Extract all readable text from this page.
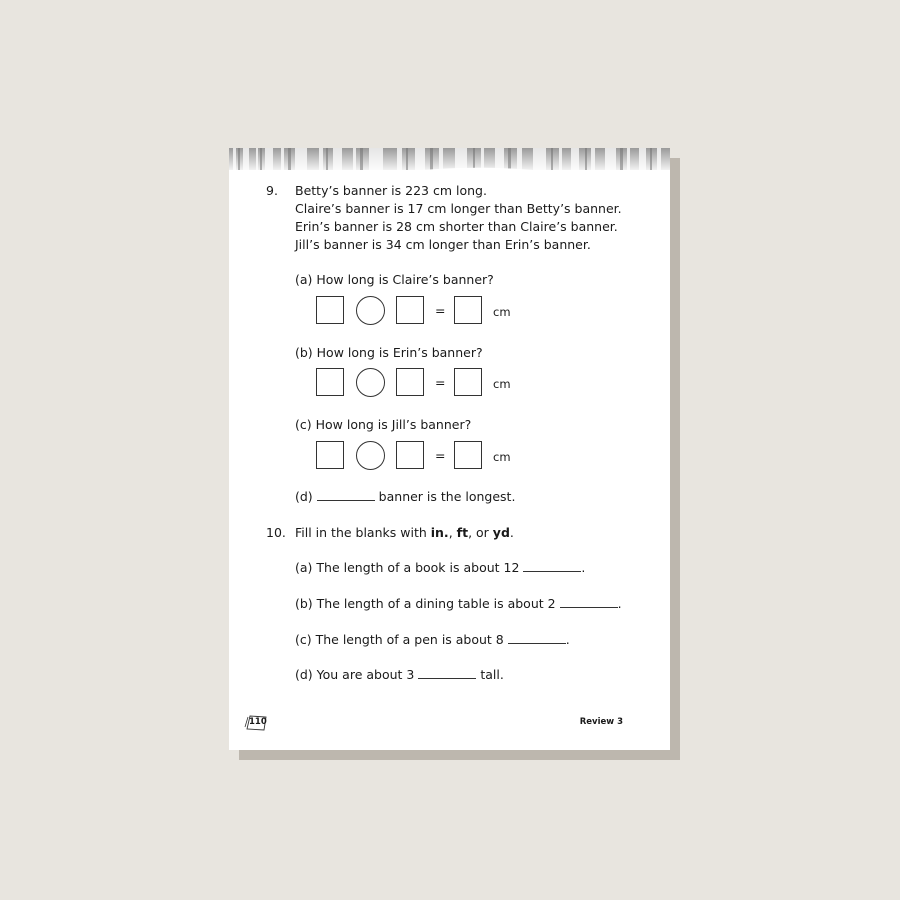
9. Betty’s banner is 223 cm long.
Claire’s banner is 17 cm longer than Betty’s banner.
Erin’s banner is 28 cm shorter than Claire’s banner.
Jill’s banner is 34 cm longer than Erin’s banner.
(a) How long is Claire’s banner?
=	cm
(b) How long is Erin’s banner?
=	cm
(c) How long is Jill’s banner?
=	cm
(d)	banner is the longest.
10. Fill in the blanks with in., ft, or yd.
(a) The length of a book is about 12	.
(b) The length of a dining table is about 2	.
(c) The length of a pen is about 8	.
(d) You are about 3	tall.
110	Review 3
